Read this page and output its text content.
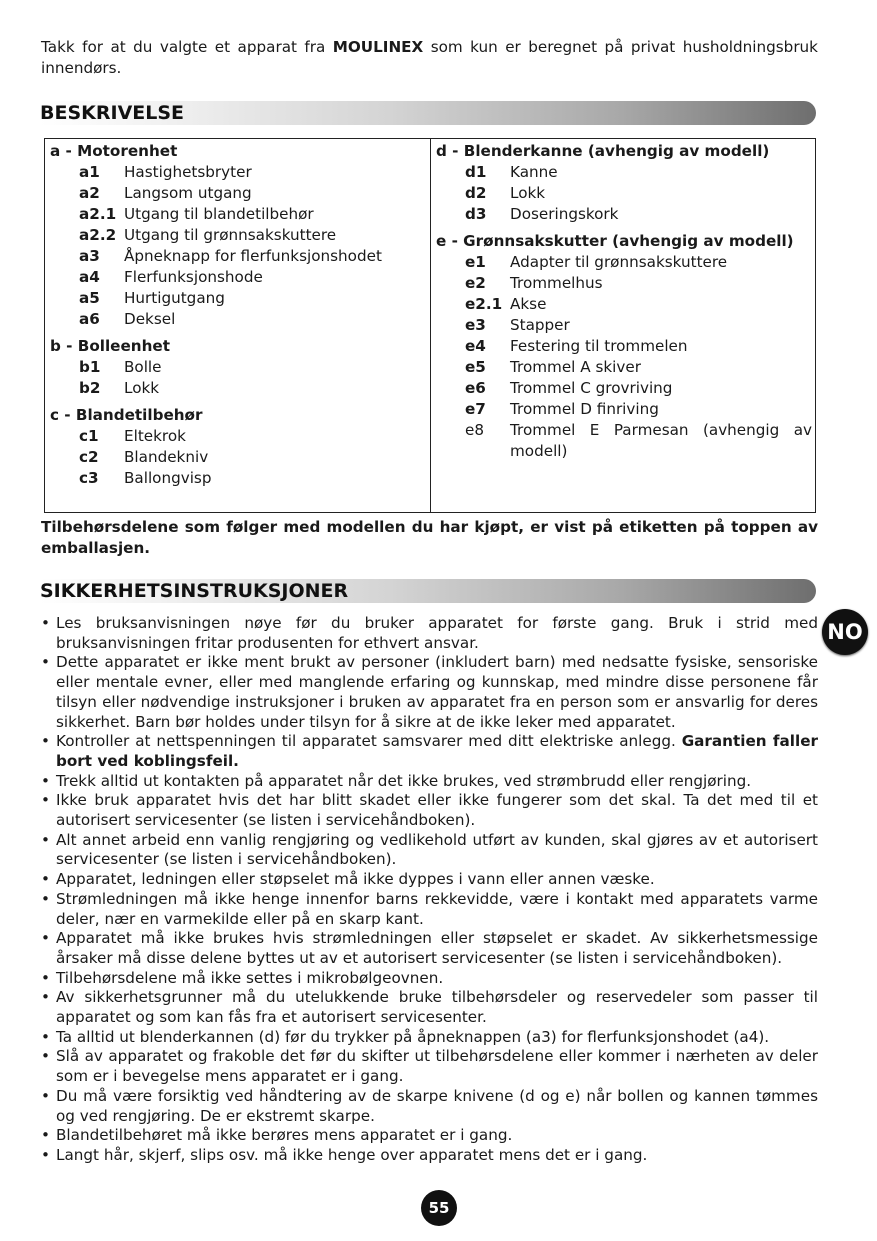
Takk for at du valgte et apparat fra MOULINEX som kun er beregnet på privat husholdningsbruk innendørs.
BESKRIVELSE
a - Motorenhet
a1	Hastighetsbryter
a2	Langsom utgang
a2.1 Utgang til blandetilbehør
a2.2 Utgang til grønnsakskuttere
a3	Åpneknapp for flerfunksjonshodet
a4	Flerfunksjonshode
a5	Hurtigutgang
a6	Deksel
b - Bolleenhet
b1	Bolle
b2	Lokk
c - Blandetilbehør
c1	Eltekrok
c2	Blandekniv
c3	Ballongvisp
d - Blenderkanne (avhengig av modell)
d1	Kanne
d2	Lokk
d3	Doseringskork
e - Grønnsakskutter (avhengig av modell)
e1	Adapter til grønnsakskuttere
e2	Trommelhus
e2.1 Akse
e3	Stapper
e4	Festering til trommelen
e5	Trommel A skiver
e6	Trommel C grovriving
e7	Trommel D finriving
e8	Trommel E Parmesan (avhengig av modell)
Tilbehørsdelene som følger med modellen du har kjøpt, er vist på etiketten på toppen av emballasjen.
SIKKERHETSINSTRUKSJONER
• Les bruksanvisningen nøye før du bruker apparatet for første gang. Bruk i strid med bruksanvisningen fritar produsenten for ethvert ansvar.
• Dette apparatet er ikke ment brukt av personer (inkludert barn) med nedsatte fysiske, sensoriske eller mentale evner, eller med manglende erfaring og kunnskap, med mindre disse personene får tilsyn eller nødvendige instruksjoner i bruken av apparatet fra en person som er ansvarlig for deres sikkerhet. Barn bør holdes under tilsyn for å sikre at de ikke leker med apparatet.
• Kontroller at nettspenningen til apparatet samsvarer med ditt elektriske anlegg. Garantien faller bort ved koblingsfeil.
• Trekk alltid ut kontakten på apparatet når det ikke brukes, ved strømbrudd eller rengjøring.
• Ikke bruk apparatet hvis det har blitt skadet eller ikke fungerer som det skal. Ta det med til et autorisert servicesenter (se listen i servicehåndboken).
• Alt annet arbeid enn vanlig rengjøring og vedlikehold utført av kunden, skal gjøres av et autorisert servicesenter (se listen i servicehåndboken).
• Apparatet, ledningen eller støpselet må ikke dyppes i vann eller annen væske.
• Strømledningen må ikke henge innenfor barns rekkevidde, være i kontakt med apparatets varme deler, nær en varmekilde eller på en skarp kant.
• Apparatet må ikke brukes hvis strømledningen eller støpselet er skadet. Av sikkerhetsmessige årsaker må disse delene byttes ut av et autorisert servicesenter (se listen i servicehåndboken).
• Tilbehørsdelene må ikke settes i mikrobølgeovnen.
• Av sikkerhetsgrunner må du utelukkende bruke tilbehørsdeler og reservedeler som passer til apparatet og som kan fås fra et autorisert servicesenter.
• Ta alltid ut blenderkannen (d) før du trykker på åpneknappen (a3) for flerfunksjonshodet (a4).
• Slå av apparatet og frakoble det før du skifter ut tilbehørsdelene eller kommer i nærheten av deler som er i bevegelse mens apparatet er i gang.
• Du må være forsiktig ved håndtering av de skarpe knivene (d og e) når bollen og kannen tømmes og ved rengjøring. De er ekstremt skarpe.
• Blandetilbehøret må ikke berøres mens apparatet er i gang.
• Langt hår, skjerf, slips osv. må ikke henge over apparatet mens det er i gang.
NO
55
